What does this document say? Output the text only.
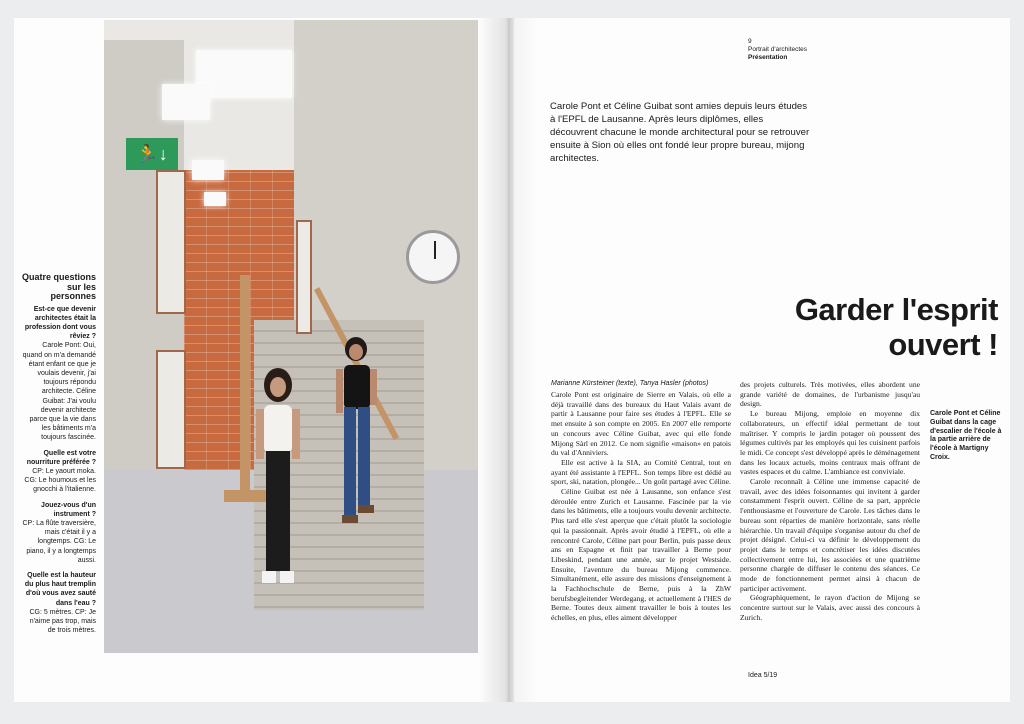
🏃↓
Quatre questions sur les personnes

Est-ce que devenir architectes était la profession dont vous rêviez ?

Carole Pont: Oui, quand on m'a demandé étant enfant ce que je voulais devenir, j'ai toujours répondu architecte. Céline Guibat: J'ai voulu devenir architecte parce que la vie dans les bâtiments m'a toujours fascinée.

Quelle est votre nourriture préférée ?

CP: Le yaourt moka. CG: Le houmous et les gnocchi à l'italienne.

Jouez-vous d'un instrument ?

CP: La flûte traversière, mais c'était il y a longtemps. CG: Le piano, il y a longtemps aussi.

Quelle est la hauteur du plus haut tremplin d'où vous avez sauté dans l'eau ?

CG: 5 mètres. CP: Je n'aime pas trop, mais de trois mètres.

9
Portrait d'architectes
Présentation

Carole Pont et Céline Guibat sont amies depuis leurs études à l'EPFL de Lausanne. Après leurs diplômes, elles découvrent chacune le monde architectural pour se retrouver ensuite à Sion où elles ont fondé leur propre bureau, mijong architectes.

Garder l'esprit ouvert !
Marianne Kürsteiner (texte), Tanya Hasler (photos)

Carole Pont est originaire de Sierre en Valais, où elle a déjà travaillé dans des bureaux du Haut Valais avant de partir à Lausanne pour faire ses études à l'EPFL. Elle se met ensuite à son compte en 2005. En 2007 elle remporte un concours avec Céline Guibat, avec qui elle fonde Mijong Sàrl en 2012. Ce nom signifie «maison» en patois du val d'Anniviers.

Elle est active à la SIA, au Comité Central, tout en ayant été assistante à l'EPFL. Son temps libre est dédié au sport, ski, natation, plongée... Un goût partagé avec Céline.

Céline Guibat est née à Lausanne, son enfance s'est déroulée entre Zurich et Lausanne. Fascinée par la vie dans les bâtiments, elle a toujours voulu devenir architecte. Plus tard elle s'est aperçue que c'était plutôt la sociologie qui la passionnait. Après avoir étudié à l'EPFL, où elle a rencontré Carole, Céline part pour Berlin, puis passe deux ans en Espagne et finit par travailler à Berne pour Libeskind, pendant une année, sur le projet Westside. Ensuite, l'aventure du bureau Mijong commence. Simultanément, elle assure des missions d'enseignement à la Fachhochschule de Berne, puis à la ZhW berufsbegleitender Werdegang, et actuellement à l'HES de Berne. Toutes deux aiment travailler le bois à toutes les échelles, en plus, elles aiment développer

des projets culturels. Très motivées, elles abordent une grande variété de domaines, de l'urbanisme jusqu'au design.

Le bureau Mijong, emploie en moyenne dix collaborateurs, un effectif idéal permettant de tout maîtriser. Y compris le jardin potager où poussent des légumes cultivés par les employés qui les cuisinent parfois le midi. Ce concept s'est développé après le déménagement dans les locaux actuels, moins centraux mais offrant de vastes espaces et du calme. L'ambiance est conviviale.

Carole reconnaît à Céline une immense capacité de travail, avec des idées foisonnantes qui invitent à garder constamment l'esprit ouvert. Céline de sa part, apprécie l'enthousiasme et l'ouverture de Carole. Les tâches dans le bureau sont réparties de manière horizontale, sans réelle hiérarchie. Un travail d'équipe s'organise autour du chef de projet désigné. Celui-ci va définir le développement du projet dans le temps et concrétiser les idées discutées collectivement entre lui, les associées et une quatrième personne chargée de diffuser le contenu des séances. Ce mode de fonctionnement permet ainsi à chacun de participer activement.

Géographiquement, le rayon d'action de Mijong se concentre surtout sur le Valais, avec aussi des concours à Zurich.

Carole Pont et Céline Guibat dans la cage d'escalier de l'école à la partie arrière de l'école à Martigny Croix.

Idea 5/19
